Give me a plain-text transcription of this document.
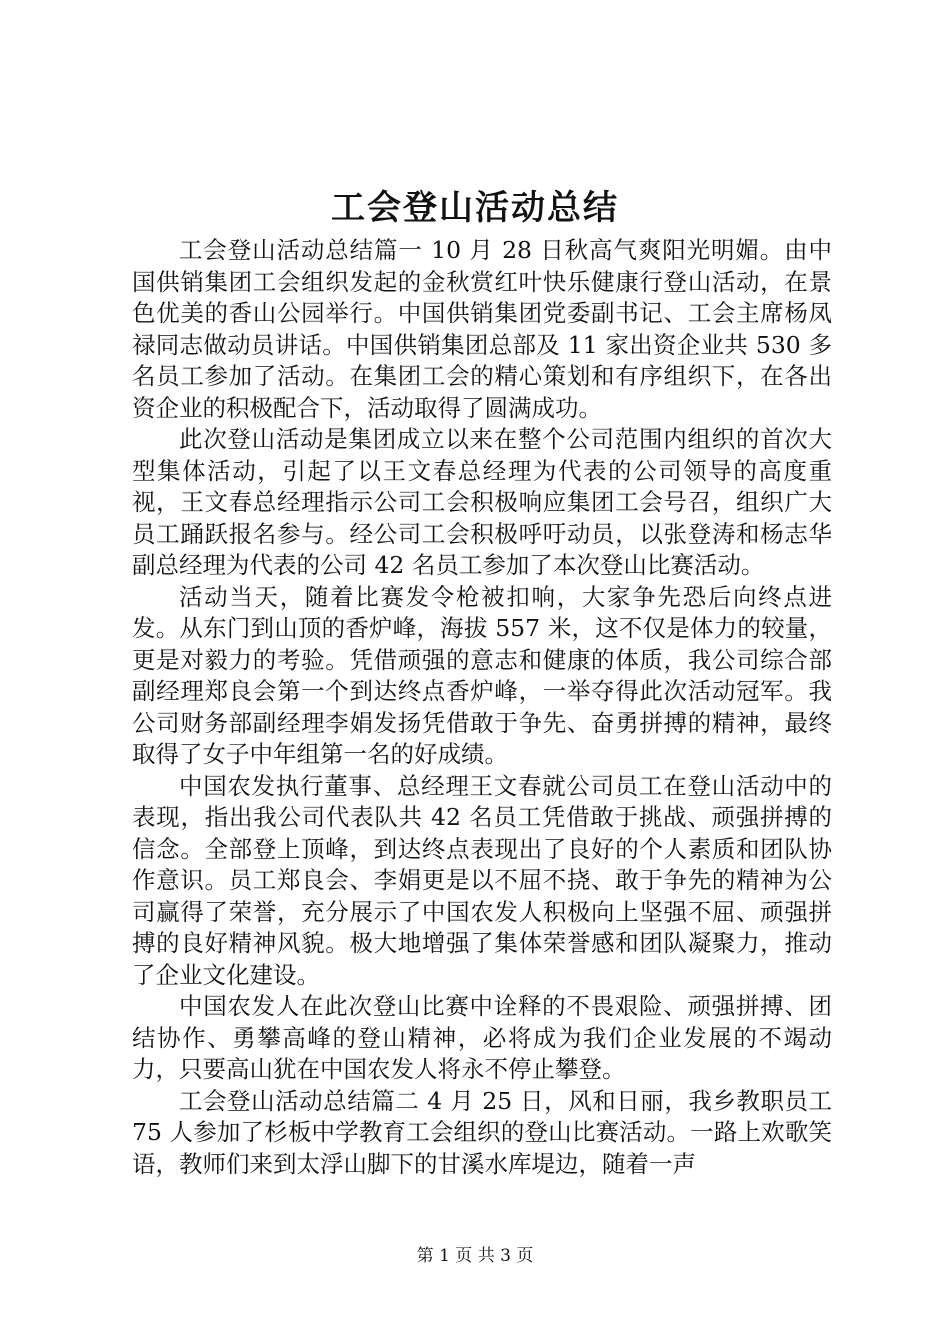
工会登山活动总结

工会登山活动总结篇一 10 月 28 日秋高气爽阳光明媚。由中国供销集团工会组织发起的金秋赏红叶快乐健康行登山活动，在景色优美的香山公园举行。中国供销集团党委副书记、工会主席杨凤禄同志做动员讲话。中国供销集团总部及 11 家出资企业共 530 多名员工参加了活动。在集团工会的精心策划和有序组织下，在各出资企业的积极配合下，活动取得了圆满成功。

此次登山活动是集团成立以来在整个公司范围内组织的首次大型集体活动，引起了以王文春总经理为代表的公司领导的高度重视，王文春总经理指示公司工会积极响应集团工会号召，组织广大员工踊跃报名参与。经公司工会积极呼吁动员，以张登涛和杨志华副总经理为代表的公司 42 名员工参加了本次登山比赛活动。

活动当天，随着比赛发令枪被扣响，大家争先恐后向终点进发。从东门到山顶的香炉峰，海拔 557 米，这不仅是体力的较量，更是对毅力的考验。凭借顽强的意志和健康的体质，我公司综合部副经理郑良会第一个到达终点香炉峰，一举夺得此次活动冠军。我公司财务部副经理李娟发扬凭借敢于争先、奋勇拼搏的精神，最终取得了女子中年组第一名的好成绩。

中国农发执行董事、总经理王文春就公司员工在登山活动中的表现，指出我公司代表队共 42 名员工凭借敢于挑战、顽强拼搏的信念。全部登上顶峰，到达终点表现出了良好的个人素质和团队协作意识。员工郑良会、李娟更是以不屈不挠、敢于争先的精神为公司赢得了荣誉，充分展示了中国农发人积极向上坚强不屈、顽强拼搏的良好精神风貌。极大地增强了集体荣誉感和团队凝聚力，推动了企业文化建设。

中国农发人在此次登山比赛中诠释的不畏艰险、顽强拼搏、团结协作、勇攀高峰的登山精神，必将成为我们企业发展的不竭动力，只要高山犹在中国农发人将永不停止攀登。

工会登山活动总结篇二 4 月 25 日，风和日丽，我乡教职员工 75 人参加了杉板中学教育工会组织的登山比赛活动。一路上欢歌笑语，教师们来到太浮山脚下的甘溪水库堤边，随着一声

第 1 页 共 3 页
